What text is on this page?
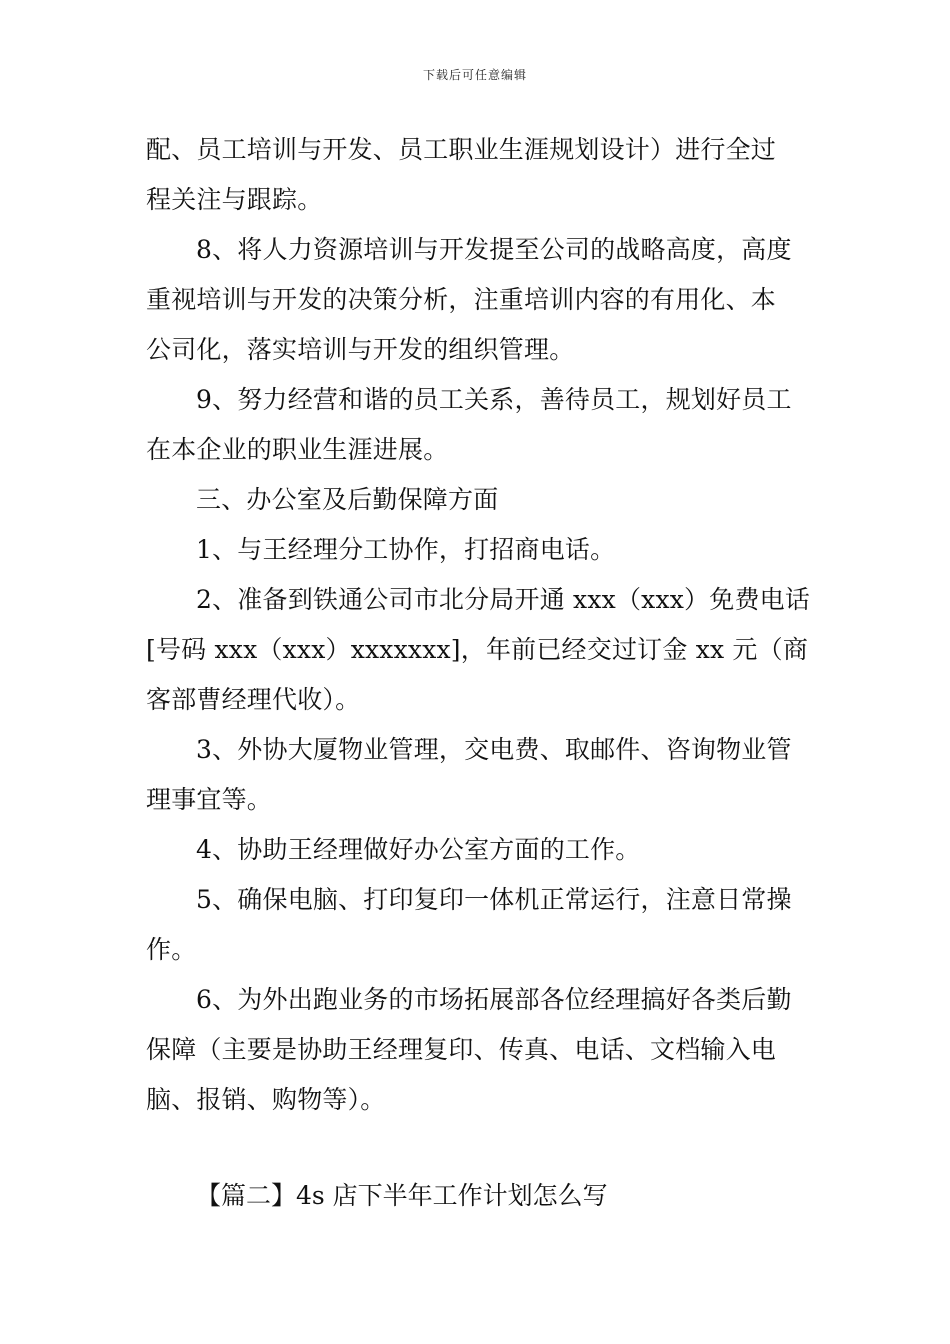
下载后可任意编辑
配、员工培训与开发、员工职业生涯规划设计）进行全过
程关注与跟踪。
8、将人力资源培训与开发提至公司的战略高度，高度
重视培训与开发的决策分析，注重培训内容的有用化、本
公司化，落实培训与开发的组织管理。
9、努力经营和谐的员工关系，善待员工，规划好员工
在本企业的职业生涯进展。
三、办公室及后勤保障方面
1、与王经理分工协作，打招商电话。
2、准备到铁通公司市北分局开通 xxx（xxx）免费电话
[号码 xxx（xxx）xxxxxxx]，年前已经交过订金 xx 元（商
客部曹经理代收）。
3、外协大厦物业管理，交电费、取邮件、咨询物业管
理事宜等。
4、协助王经理做好办公室方面的工作。
5、确保电脑、打印复印一体机正常运行，注意日常操
作。
6、为外出跑业务的市场拓展部各位经理搞好各类后勤
保障（主要是协助王经理复印、传真、电话、文档输入电
脑、报销、购物等）。
【篇二】4s 店下半年工作计划怎么写
